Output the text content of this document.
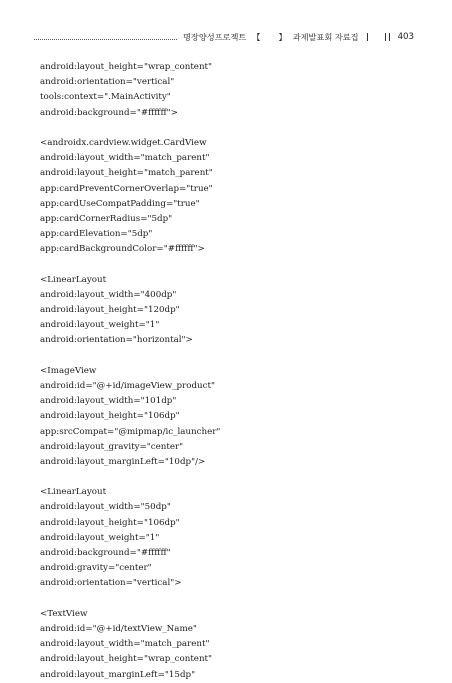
명장양성프로젝트 【 】 과제발표회 자료집	403
android:layout_height="wrap_content"
android:orientation="vertical"
tools:context=".MainActivity"
android:background="#ffffff">
<androidx.cardview.widget.CardView
android:layout_width="match_parent"
android:layout_height="match_parent"
app:cardPreventCornerOverlap="true"
app:cardUseCompatPadding="true"
app:cardCornerRadius="5dp"
app:cardElevation="5dp"
app:cardBackgroundColor="#ffffff">
<LinearLayout
android:layout_width="400dp"
android:layout_height="120dp"
android:layout_weight="1"
android:orientation="horizontal">
<ImageView
android:id="@+id/imageView_product"
android:layout_width="101dp"
android:layout_height="106dp"
app:srcCompat="@mipmap/ic_launcher"
android:layout_gravity="center"
android:layout_marginLeft="10dp"/>
<LinearLayout
android:layout_width="50dp"
android:layout_height="106dp"
android:layout_weight="1"
android:background="#ffffff"
android:gravity="center"
android:orientation="vertical">
<TextView
android:id="@+id/textView_Name"
android:layout_width="match_parent"
android:layout_height="wrap_content"
android:layout_marginLeft="15dp"
